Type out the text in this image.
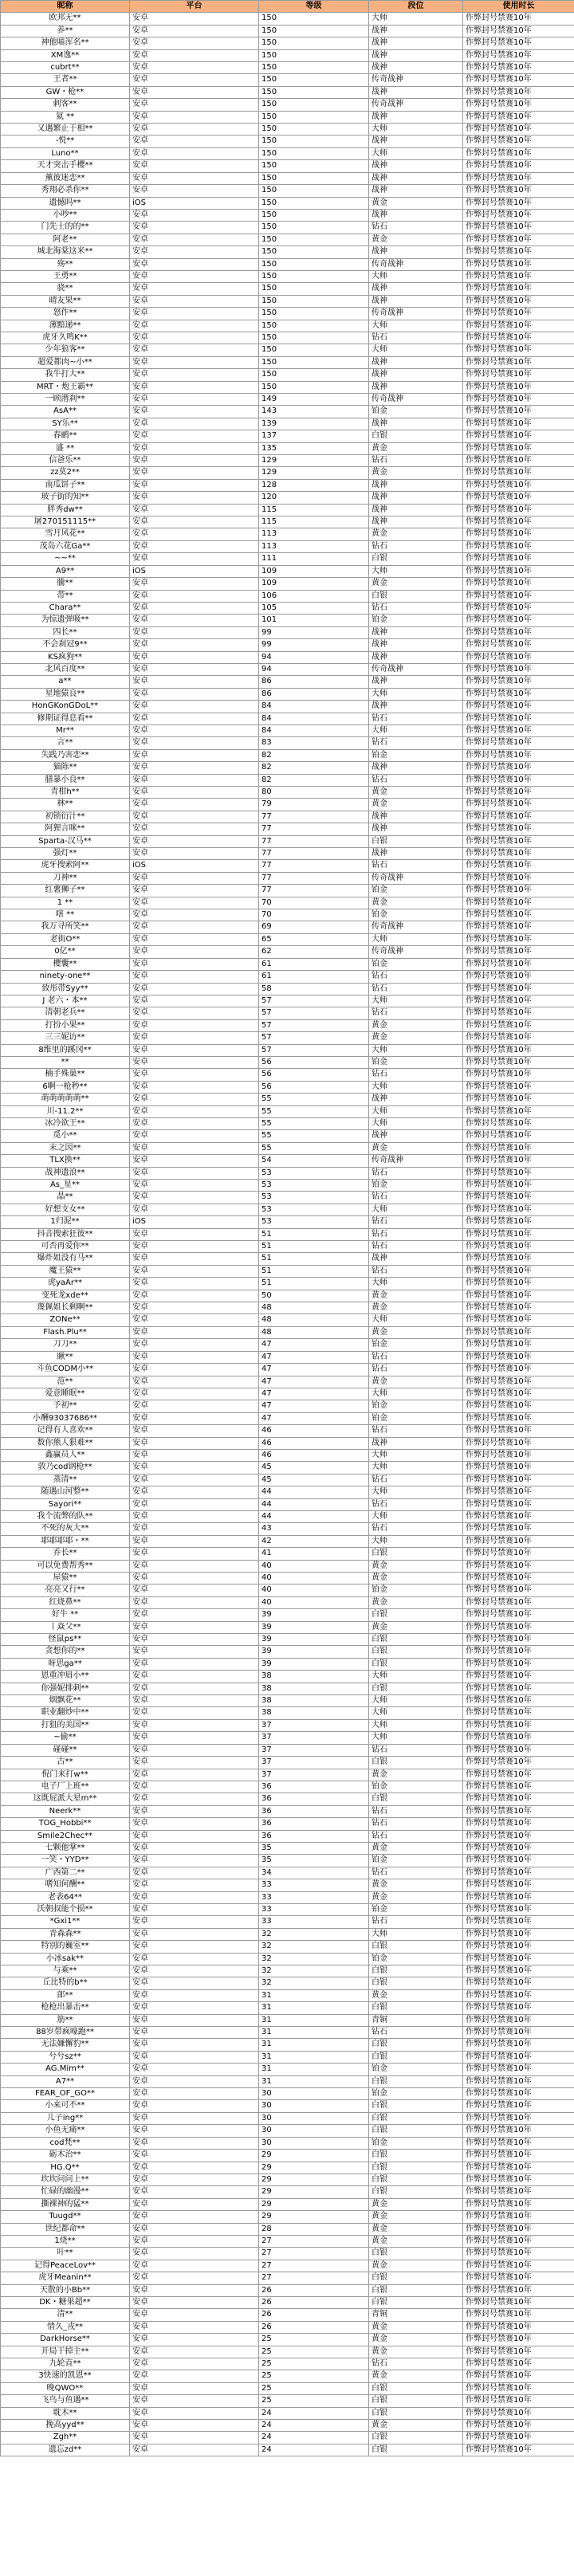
昵称	平台	等级	段位	使用时长
欧邦无**	安卓	150	大师	作弊封号禁赛10年
养**	安卓	150	战神	作弊封号禁赛10年
神他喵浑名**	安卓	150	战神	作弊封号禁赛10年
XM逸**	安卓	150	战神	作弊封号禁赛10年
cubrt**	安卓	150	战神	作弊封号禁赛10年
王者**	安卓	150	传奇战神	作弊封号禁赛10年
GW・枪**	安卓	150	战神	作弊封号禁赛10年
刺客**	安卓	150	传奇战神	作弊封号禁赛10年
氦 **	安卓	150	战神	作弊封号禁赛10年
又遇繁止于相**	安卓	150	大师	作弊封号禁赛10年
-悦**	安卓	150	战神	作弊封号禁赛10年
Luno**	安卓	150	大师	作弊封号禁赛10年
天才突击手樱**	安卓	150	战神	作弊封号禁赛10年
薰彼迷恋**	安卓	150	战神	作弊封号禁赛10年
秀翔必杀你**	安卓	150	战神	作弊封号禁赛10年
遗憾吗**	iOS	150	黄金	作弊封号禁赛10年
小吵**	安卓	150	战神	作弊封号禁赛10年
门先士的的**	安卓	150	钻石	作弊封号禁赛10年
阿老**	安卓	150	黄金	作弊封号禁赛10年
城北海棠这米**	安卓	150	战神	作弊封号禁赛10年
殇**	安卓	150	传奇战神	作弊封号禁赛10年
王勇**	安卓	150	大师	作弊封号禁赛10年
骁**	安卓	150	战神	作弊封号禁赛10年
晴友果**	安卓	150	战神	作弊封号禁赛10年
怒作**	安卓	150	传奇战神	作弊封号禁赛10年
薄黯递**	安卓	150	大师	作弊封号禁赛10年
虎牙久鸣K**	安卓	150	钻石	作弊封号禁赛10年
少年狼客**	安卓	150	大师	作弊封号禁赛10年
超爱都肉~小**	安卓	150	战神	作弊封号禁赛10年
我牛打大**	安卓	150	战神	作弊封号禁赛10年
MRT・炮王霸**	安卓	150	战神	作弊封号禁赛10年
一顾潜刹**	安卓	149	传奇战神	作弊封号禁赛10年
AsA**	安卓	143	铂金	作弊封号禁赛10年
SY乐**	安卓	139	战神	作弊封号禁赛10年
春鹂**	安卓	137	白银	作弊封号禁赛10年
盛 **	安卓	135	黄金	作弊封号禁赛10年
信爸乐**	安卓	129	钻石	作弊封号禁赛10年
zz莫2**	安卓	129	黄金	作弊封号禁赛10年
南瓜饼子**	安卓	128	战神	作弊封号禁赛10年
玻子街的知**	安卓	120	战神	作弊封号禁赛10年
胖秀dw**	安卓	115	战神	作弊封号禁赛10年
屠270151115**	安卓	115	战神	作弊封号禁赛10年
雪月风花**	安卓	113	黄金	作弊封号禁赛10年
茂岛六花Ga**	安卓	113	钻石	作弊封号禁赛10年
~~**	安卓	111	白银	作弊封号禁赛10年
A9**	iOS	109	大师	作弊封号禁赛10年
騰**	安卓	109	黄金	作弊封号禁赛10年
带**	安卓	106	白银	作弊封号禁赛10年
Chara**	安卓	105	钻石	作弊封号禁赛10年
为惊遗弹吸**	安卓	101	铂金	作弊封号禁赛10年
四长**	安卓	99	战神	作弊封号禁赛10年
不会刹冠9**	安卓	99	战神	作弊封号禁赛10年
KS疯狗**	安卓	94	战神	作弊封号禁赛10年
北风百度**	安卓	94	传奇战神	作弊封号禁赛10年
a**	安卓	86	战神	作弊封号禁赛10年
星地猿良**	安卓	86	大师	作弊封号禁赛10年
HonGKonGDoL**	安卓	84	战神	作弊封号禁赛10年
修期证得息看**	安卓	84	钻石	作弊封号禁赛10年
Mr**	安卓	84	大师	作弊封号禁赛10年
言**	安卓	83	钻石	作弊封号禁赛10年
失践乃害恋**	安卓	82	铂金	作弊封号禁赛10年
猫陈**	安卓	82	战神	作弊封号禁赛10年
膳暴小良**	安卓	82	钻石	作弊封号禁赛10年
青柑h**	安卓	80	黄金	作弊封号禁赛10年
林**	安卓	79	黄金	作弊封号禁赛10年
初锁衍汁**	安卓	77	战神	作弊封号禁赛10年
阿狸言咪**	安卓	77	战神	作弊封号禁赛10年
Sparta-汉马**	安卓	77	白银	作弊封号禁赛10年
强灯**	安卓	77	战神	作弊封号禁赛10年
虎牙搜索阿**	iOS	77	钻石	作弊封号禁赛10年
刀神**	安卓	77	传奇战神	作弊封号禁赛10年
红薯狮子**	安卓	77	铂金	作弊封号禁赛10年
1 **	安卓	70	黄金	作弊封号禁赛10年
嗐 **	安卓	70	铂金	作弊封号禁赛10年
我万寻所笑**	安卓	69	传奇战神	作弊封号禁赛10年
老街O**	安卓	65	大师	作弊封号禁赛10年
0亿**	安卓	62	传奇战神	作弊封号禁赛10年
樱囊**	安卓	61	铂金	作弊封号禁赛10年
ninety-one**	安卓	61	钻石	作弊封号禁赛10年
致彤带Syy**	安卓	58	钻石	作弊封号禁赛10年
J 老六・本**	安卓	57	大师	作弊封号禁赛10年
清朝老兵**	安卓	57	钻石	作弊封号禁赛10年
打扮小果**	安卓	57	黄金	作弊封号禁赛10年
三三妮访**	安卓	57	黄金	作弊封号禁赛10年
8维里的蹊冈**	安卓	57	大师	作弊封号禁赛10年
**	安卓	56	铂金	作弊封号禁赛10年
楠手殊巢**	安卓	56	钻石	作弊封号禁赛10年
6啊一枪秒**	安卓	56	大师	作弊封号禁赛10年
萌萌萌萌萌**	安卓	55	战神	作弊封号禁赛10年
川-11.2**	安卓	55	大师	作弊封号禁赛10年
冰冷欲王**	安卓	55	大师	作弊封号禁赛10年
觅小**	安卓	55	战神	作弊封号禁赛10年
末之因**	安卓	55	黄金	作弊封号禁赛10年
TLX换**	安卓	54	传奇战神	作弊封号禁赛10年
战神遗浪**	安卓	53	钻石	作弊封号禁赛10年
As_星**	安卓	53	铂金	作弊封号禁赛10年
晶**	安卓	53	钻石	作弊封号禁赛10年
好想支女**	安卓	53	大师	作弊封号禁赛10年
1归泥**	iOS	53	钻石	作弊封号禁赛10年
抖音搜索狂彼**	安卓	51	钻石	作弊封号禁赛10年
可否再爱你**	安卓	51	钻石	作弊封号禁赛10年
爆炸姐没有马**	安卓	51	战神	作弊封号禁赛10年
魔王猿**	安卓	51	钻石	作弊封号禁赛10年
虎yaAr**	安卓	51	大师	作弊封号禁赛10年
变死龙xde**	安卓	50	黄金	作弊封号禁赛10年
蔑佩姐长剩啊**	安卓	48	黄金	作弊封号禁赛10年
ZONe**	安卓	48	大师	作弊封号禁赛10年
Flash.Plu**	安卓	48	黄金	作弊封号禁赛10年
刀刀**	安卓	47	铂金	作弊封号禁赛10年
瞅**	安卓	47	钻石	作弊封号禁赛10年
斗鱼CODM小**	安卓	47	钻石	作弊封号禁赛10年
范**	安卓	47	黄金	作弊封号禁赛10年
爱意睡眠**	安卓	47	大师	作弊封号禁赛10年
予初**	安卓	47	铂金	作弊封号禁赛10年
小酬93037686**	安卓	47	铂金	作弊封号禁赛10年
记得有人喜欢**	安卓	46	钻石	作弊封号禁赛10年
数你熊人狠难**	安卓	46	战神	作弊封号禁赛10年
鑫赢员人**	安卓	46	大师	作弊封号禁赛10年
敦乃cod钢枪**	安卓	45	大师	作弊封号禁赛10年
蒸清**	安卓	45	钻石	作弊封号禁赛10年
随遇山河整**	安卓	44	大师	作弊封号禁赛10年
Sayori**	安卓	44	钻石	作弊封号禁赛10年
我个流弊的队**	安卓	44	大师	作弊封号禁赛10年
不死的灰大**	安卓	43	钻石	作弊封号禁赛10年
耶耶耶耶・**	安卓	42	大师	作弊封号禁赛10年
乔长**	安卓	41	白银	作弊封号禁赛10年
可以免费帮秀**	安卓	40	黄金	作弊封号禁赛10年
屋猿**	安卓	40	黄金	作弊封号禁赛10年
亮亮又行**	安卓	40	铂金	作弊封号禁赛10年
红烧鼻**	安卓	40	黄金	作弊封号禁赛10年
好牛 **	安卓	39	白银	作弊封号禁赛10年
丨焱父**	安卓	39	黄金	作弊封号禁赛10年
怪鼠ps**	安卓	39	白银	作弊封号禁赛10年
贪想你的**	安卓	39	白银	作弊封号禁赛10年
呀思ga**	安卓	39	白银	作弊封号禁赛10年
恩重冲眉小**	安卓	38	大师	作弊封号禁赛10年
你强妮排刺**	安卓	38	白银	作弊封号禁赛10年
烟飘花**	安卓	38	大师	作弊封号禁赛10年
职业翻炒中**	安卓	38	大师	作弊封号禁赛10年
打狙的美国**	安卓	37	大师	作弊封号禁赛10年
~偷**	安卓	37	大师	作弊封号禁赛10年
碰碰**	安卓	37	钻石	作弊封号禁赛10年
古**	安卓	37	白银	作弊封号禁赛10年
倪门来打w**	安卓	37	黄金	作弊封号禁赛10年
电子厂上班**	安卓	36	铂金	作弊封号禁赛10年
这既屁派大星m**	安卓	36	白银	作弊封号禁赛10年
Neerk**	安卓	36	钻石	作弊封号禁赛10年
TOG_Hobbi**	安卓	36	钻石	作弊封号禁赛10年
Smile2Chec**	安卓	36	钻石	作弊封号禁赛10年
七颗他掌**	安卓	35	黄金	作弊封号禁赛10年
一笑・YYD**	安卓	35	铂金	作弊封号禁赛10年
广西第二**	安卓	34	钻石	作弊封号禁赛10年
嗜知何酬**	安卓	33	黄金	作弊封号禁赛10年
老表64**	安卓	33	黄金	作弊封号禁赛10年
沃朝叔能个损**	安卓	33	铂金	作弊封号禁赛10年
*Gxi1**	安卓	33	钻石	作弊封号禁赛10年
青森森**	安卓	32	大师	作弊封号禁赛10年
特别的巍室**	安卓	32	白银	作弊封号禁赛10年
小冰sak**	安卓	32	铂金	作弊封号禁赛10年
与乘**	安卓	32	白银	作弊封号禁赛10年
丘比特的b**	安卓	32	白银	作弊封号禁赛10年
郎**	安卓	31	黄金	作弊封号禁赛10年
枪枪出暴击**	安卓	31	白银	作弊封号禁赛10年
筋**	安卓	31	青铜	作弊封号禁赛10年
88岁带疯嚎跑**	安卓	31	钻石	作弊封号禁赛10年
无法嫌懈豹**	安卓	31	白银	作弊封号禁赛10年
兮兮sz**	安卓	31	白银	作弊封号禁赛10年
AG.Mim**	安卓	31	铂金	作弊封号禁赛10年
A7**	安卓	31	白银	作弊封号禁赛10年
FEAR_OF_GO**	安卓	30	铂金	作弊封号禁赛10年
小来可不**	安卓	30	白银	作弊封号禁赛10年
儿子ing**	安卓	30	白银	作弊封号禁赛10年
小鱼无痛**	安卓	30	白银	作弊封号禁赛10年
cod梵**	安卓	30	铂金	作弊封号禁赛10年
砺木治**	安卓	29	白银	作弊封号禁赛10年
HG.Q**	安卓	29	白银	作弊封号禁赛10年
坎坎问问上**	安卓	29	白银	作弊封号禁赛10年
忙碌的幽漫**	安卓	29	白银	作弊封号禁赛10年
撕裸神的猛**	安卓	29	黄金	作弊封号禁赛10年
Tuugd**	安卓	29	黄金	作弊封号禁赛10年
世纪都命**	安卓	28	黄金	作弊封号禁赛10年
1烧**	安卓	27	黄金	作弊封号禁赛10年
叶**	安卓	27	白银	作弊封号禁赛10年
记得PeaceLov**	安卓	27	黄金	作弊封号禁赛10年
虎牙Meanin**	安卓	27	白银	作弊封号禁赛10年
天散的小Bb**	安卓	26	白银	作弊封号禁赛10年
DK・糖果超**	安卓	26	白银	作弊封号禁赛10年
清**	安卓	26	青铜	作弊封号禁赛10年
情久_戎**	安卓	26	黄金	作弊封号禁赛10年
DarkHorse**	安卓	25	黄金	作弊封号禁赛10年
开局干掉主**	安卓	25	黄金	作弊封号禁赛10年
九轮直**	安卓	25	钻石	作弊封号禁赛10年
3快速的凯恩**	安卓	25	黄金	作弊封号禁赛10年
晚QWO**	安卓	25	白银	作弊封号禁赛10年
飞鸟与鱼遇**	安卓	25	白银	作弊封号禁赛10年
耽木**	安卓	24	白银	作弊封号禁赛10年
挽高yyd**	安卓	24	黄金	作弊封号禁赛10年
Zgh**	安卓	24	白银	作弊封号禁赛10年
遗忘zd**	安卓	24	白银	作弊封号禁赛10年
